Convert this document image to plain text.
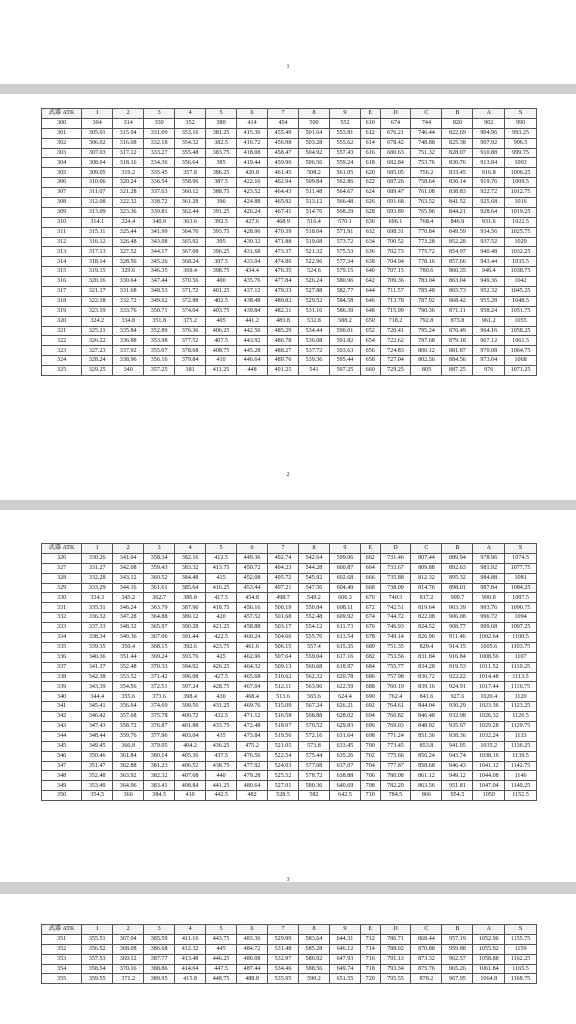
1
武器 ATK	1	2	3	4	5	6	7	8	9	E	D	C	B	A	S
300	304	314	330	352	380	414	454	500	552	610	674	744	820	902	990
301	305.01	315.04	331.09	353.16	381.25	415.36	455.49	501.64	553.81	612	676.21	746.44	822.69	904.96	993.25
302	306.02	316.08	332.18	354.32	382.5	416.72	456.98	503.28	555.62	614	678.42	748.88	825.38	907.92	996.5
303	307.03	317.12	333.27	355.48	383.75	418.08	458.47	504.92	557.43	616	680.63	751.32	828.07	910.88	999.75
304	308.04	318.16	334.36	356.64	385	419.44	459.96	506.56	559.24	618	682.84	753.76	830.76	913.84	1003
305	309.05	319.2	335.45	357.8	386.25	420.8	461.45	508.2	561.05	620	685.05	756.2	833.45	916.8	1006.25
306	310.06	320.24	336.54	358.96	387.5	422.16	462.94	509.84	562.86	622	687.26	758.64	836.14	919.76	1009.5
307	311.07	321.28	337.63	360.12	388.75	423.52	464.43	511.48	564.67	624	689.47	761.08	838.83	922.72	1012.75
308	312.08	322.32	338.72	361.28	390	424.88	465.92	513.12	566.48	626	691.68	763.52	841.52	925.68	1016
309	313.09	323.36	339.81	362.44	391.25	426.24	467.41	514.76	568.29	628	693.89	765.96	844.21	928.64	1019.25
310	314.1	324.4	340.9	363.6	392.5	427.6	468.9	516.4	570.1	630	696.1	768.4	846.9	931.6	1022.5
311	315.11	325.44	341.99	364.76	393.75	428.96	470.39	518.04	571.91	632	698.31	770.84	849.59	934.56	1025.75
312	316.12	326.48	343.08	365.92	395	430.32	471.88	519.68	573.72	634	700.52	773.28	852.28	937.52	1029
313	317.13	327.52	344.17	367.08	396.25	431.68	473.37	521.32	575.53	636	702.73	775.72	854.97	940.48	1032.25
314	318.14	328.56	345.26	368.24	397.5	433.04	474.86	522.96	577.34	638	704.94	778.16	857.66	943.44	1035.5
315	319.15	329.6	346.35	369.4	398.75	434.4	476.35	524.6	579.15	640	707.15	780.6	860.35	946.4	1038.75
316	320.16	330.64	347.44	370.56	400	435.76	477.84	526.24	580.96	642	709.36	783.04	863.04	949.36	1042
317	321.17	331.68	348.53	371.72	401.25	437.12	479.33	527.88	582.77	644	711.57	785.48	865.73	952.32	1045.25
318	322.18	332.72	349.62	372.88	402.5	438.48	480.82	529.52	584.58	646	713.78	787.92	868.42	955.28	1048.5
319	323.19	333.76	350.71	374.04	403.75	439.84	482.31	531.16	586.39	648	715.99	790.36	871.11	958.24	1051.75
320	324.2	334.8	351.8	375.2	405	441.2	483.8	532.8	588.2	650	718.2	792.8	873.8	961.2	1055
321	325.21	335.84	352.89	376.36	406.25	442.56	485.29	534.44	590.01	652	720.41	795.24	876.49	964.16	1058.25
322	326.22	336.88	353.98	377.52	407.5	443.92	486.78	536.08	591.82	654	722.62	797.68	879.18	967.12	1061.5
323	327.23	337.92	355.07	378.68	408.75	445.28	488.27	537.72	593.63	656	724.83	800.12	881.87	970.08	1064.75
324	328.24	338.96	356.16	379.84	410	446.64	489.76	539.36	595.44	658	727.04	802.56	884.56	973.04	1068
325	329.25	340	357.25	381	411.25	448	491.25	541	597.25	660	729.25	805	887.25	976	1071.25
2
武器 ATK	1	2	3	4	5	6	7	8	9	E	D	C	B	A	S
326	330.26	341.04	358.34	382.16	412.5	449.36	492.74	542.64	599.06	662	731.46	807.44	889.94	978.96	1074.5
327	331.27	342.08	359.43	383.32	413.75	450.72	494.23	544.28	600.87	664	733.67	809.88	892.63	981.92	1077.75
328	332.28	343.12	360.52	384.48	415	452.08	495.72	545.92	602.68	666	735.88	812.32	895.32	984.88	1081
329	333.29	344.16	361.61	385.64	416.25	453.44	497.21	547.56	604.49	668	738.09	814.76	898.01	987.84	1084.25
330	334.3	345.2	362.7	386.8	417.5	454.8	498.7	549.2	606.3	670	740.3	817.2	900.7	990.8	1087.5
331	335.31	346.24	363.79	387.96	418.75	456.16	500.19	550.84	608.11	672	742.51	819.64	903.39	993.76	1090.75
332	336.32	347.28	364.88	389.12	420	457.52	501.68	552.48	609.92	674	744.72	822.08	906.08	996.72	1094
333	337.33	348.32	365.97	390.28	421.25	458.88	503.17	554.12	611.73	676	746.93	824.52	908.77	999.68	1097.25
334	338.34	349.36	367.06	391.44	422.5	460.24	504.66	555.76	613.54	678	749.14	826.96	911.46	1002.64	1100.5
335	339.35	350.4	368.15	392.6	423.75	461.6	506.15	557.4	615.35	680	751.35	829.4	914.15	1005.6	1103.75
336	340.36	351.44	369.24	393.76	425	462.96	507.64	559.04	617.16	682	753.56	831.84	916.84	1008.56	1107
337	341.37	352.48	370.33	394.92	426.25	464.32	509.13	560.68	618.97	684	755.77	834.28	919.53	1011.52	1110.25
338	342.38	353.52	371.42	396.08	427.5	465.68	510.62	562.32	620.78	686	757.98	836.72	922.22	1014.48	1113.5
339	343.39	354.56	372.51	397.24	428.75	467.04	512.11	563.96	622.59	688	760.19	839.16	924.91	1017.44	1116.75
340	344.4	355.6	373.6	398.4	430	468.4	513.6	565.6	624.4	690	762.4	841.6	927.6	1020.4	1120
341	345.41	356.64	374.69	399.56	431.25	469.76	515.09	567.24	626.21	692	764.61	844.04	930.29	1023.36	1123.25
342	346.42	357.68	375.78	400.72	432.5	471.12	516.58	568.88	628.02	694	766.82	846.48	932.98	1026.32	1126.5
343	347.43	358.72	376.87	401.88	433.75	472.48	518.07	570.52	629.83	696	769.03	848.92	935.67	1029.28	1129.75
344	348.44	359.76	377.96	403.04	435	473.84	519.56	572.16	631.64	698	771.24	851.36	938.36	1032.24	1133
345	349.45	360.8	379.05	404.2	436.25	475.2	521.05	573.8	633.45	700	773.45	853.8	941.05	1035.2	1136.25
346	350.46	361.84	380.14	405.36	437.5	476.56	522.54	575.44	635.26	702	775.66	856.24	943.74	1038.16	1139.5
347	351.47	362.88	381.23	406.52	438.75	477.92	524.03	577.08	637.07	704	777.87	858.68	946.43	1041.12	1142.75
348	352.48	363.92	382.32	407.68	440	479.28	525.52	578.72	638.88	706	780.08	861.12	949.12	1044.08	1146
349	353.49	364.96	383.41	408.84	441.25	480.64	527.01	580.36	640.69	708	782.29	863.56	951.81	1047.04	1149.25
350	354.5	366	384.5	410	442.5	482	528.5	582	642.5	710	784.5	866	954.5	1050	1152.5
3
武器 ATK	1	2	3	4	5	6	7	8	9	E	D	C	B	A	S
351	355.51	367.04	385.59	411.16	443.75	483.36	529.99	583.64	644.31	712	786.71	868.44	957.19	1052.96	1155.75
352	356.52	368.08	386.68	412.32	445	484.72	531.48	585.28	646.12	714	788.92	870.88	959.88	1055.92	1159
353	357.53	369.12	387.77	413.48	446.25	486.08	532.97	586.92	647.93	716	791.13	873.32	962.57	1058.88	1162.25
354	358.54	370.16	388.86	414.64	447.5	487.44	534.46	588.56	649.74	718	793.34	875.76	965.26	1061.84	1165.5
355	359.55	371.2	389.95	415.8	448.75	488.8	535.95	590.2	651.55	720	795.55	878.2	967.95	1064.8	1168.75
